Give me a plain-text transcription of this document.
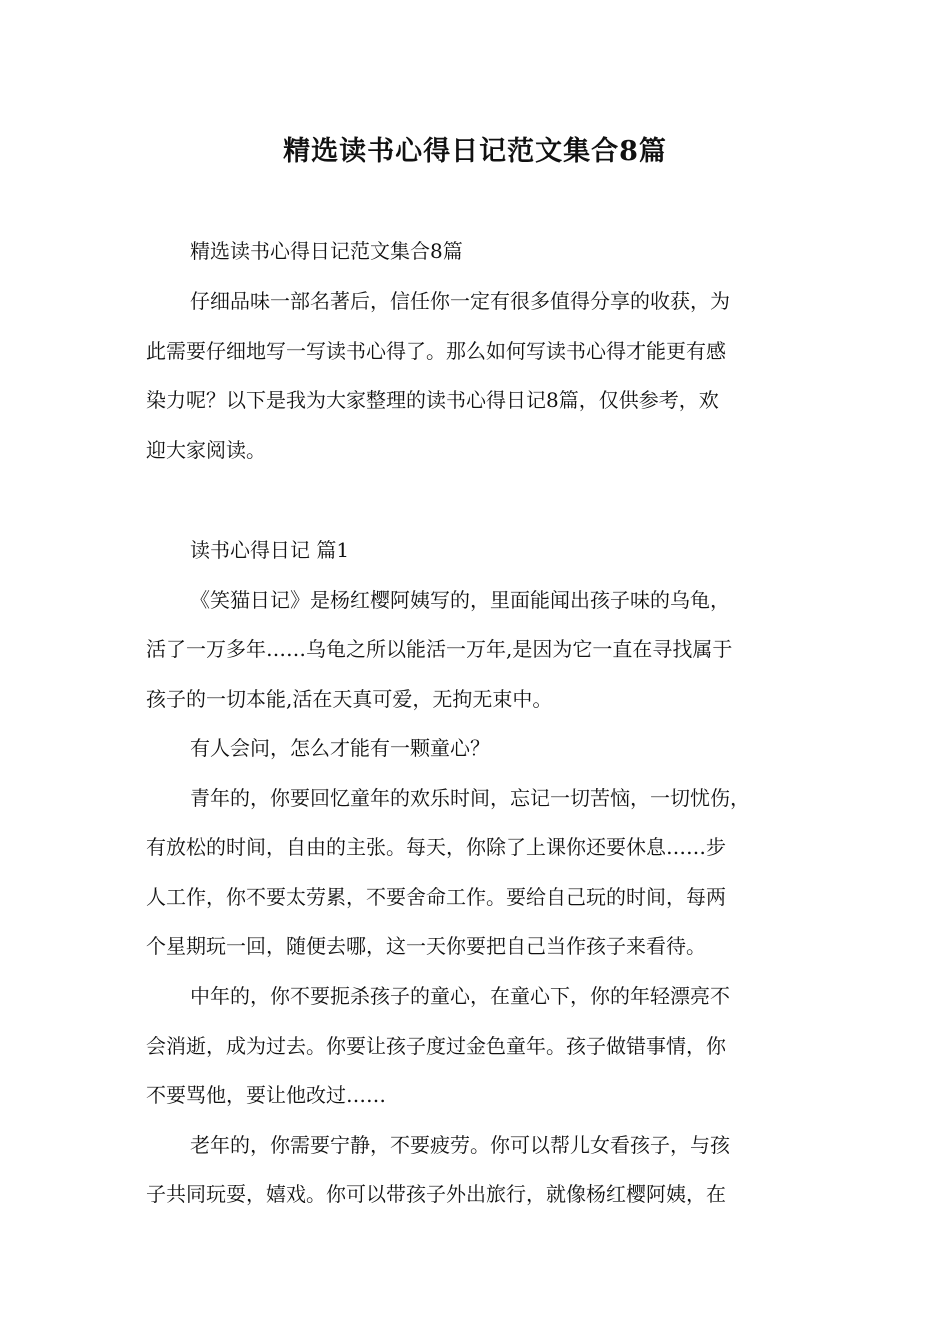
精选读书心得日记范文集合8篇

精选读书心得日记范文集合8篇

仔细品味一部名著后，信任你一定有很多值得分享的收获，为

此需要仔细地写一写读书心得了。那么如何写读书心得才能更有感

染力呢？以下是我为大家整理的读书心得日记8篇，仅供参考，欢

迎大家阅读。

读书心得日记 篇1

《笑猫日记》是杨红樱阿姨写的，里面能闻出孩子味的乌龟，

活了一万多年……乌龟之所以能活一万年,是因为它一直在寻找属于

孩子的一切本能,活在天真可爱，无拘无束中。

有人会问，怎么才能有一颗童心？

青年的，你要回忆童年的欢乐时间，忘记一切苦恼，一切忧伤，

有放松的时间，自由的主张。每天，你除了上课你还要休息……步

人工作，你不要太劳累，不要舍命工作。要给自己玩的时间，每两

个星期玩一回，随便去哪，这一天你要把自己当作孩子来看待。

中年的，你不要扼杀孩子的童心，在童心下，你的年轻漂亮不

会消逝，成为过去。你要让孩子度过金色童年。孩子做错事情，你

不要骂他，要让他改过……

老年的，你需要宁静，不要疲劳。你可以帮儿女看孩子，与孩

子共同玩耍，嬉戏。你可以带孩子外出旅行，就像杨红樱阿姨，在
